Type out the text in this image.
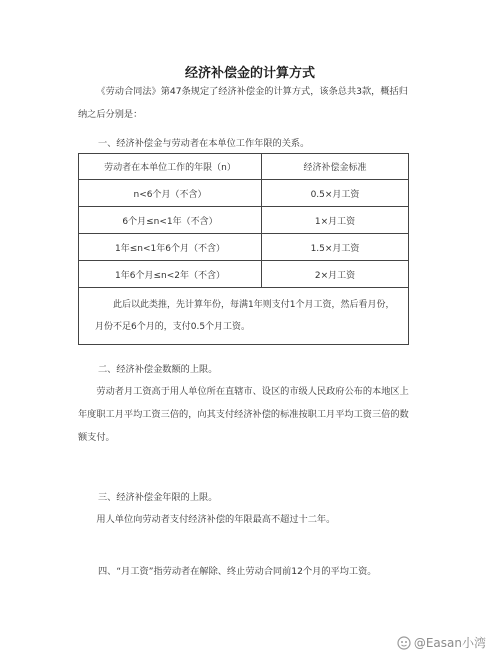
经济补偿金的计算方式

《劳动合同法》第47条规定了经济补偿金的计算方式，该条总共3款，概括归纳之后分别是：

一、经济补偿金与劳动者在本单位工作年限的关系。
劳动者在本单位工作的年限（n）	经济补偿金标准
n<6个月（不含）	0.5×月工资
6个月≤n<1年（不含）	1×月工资
1年≤n<1年6个月（不含）	1.5×月工资
1年6个月≤n<2年（不含）	2×月工资
此后以此类推，先计算年份，每满1年则支付1个月工资，然后看月份，月份不足6个月的，支付0.5个月工资。	
二、经济补偿金数额的上限。

劳动者月工资高于用人单位所在直辖市、设区的市级人民政府公布的本地区上年度职工月平均工资三倍的，向其支付经济补偿的标准按职工月平均工资三倍的数额支付。

三、经济补偿金年限的上限。

用人单位向劳动者支付经济补偿的年限最高不超过十二年。

四、“月工资”指劳动者在解除、终止劳动合同前12个月的平均工资。
@Easan小湾
